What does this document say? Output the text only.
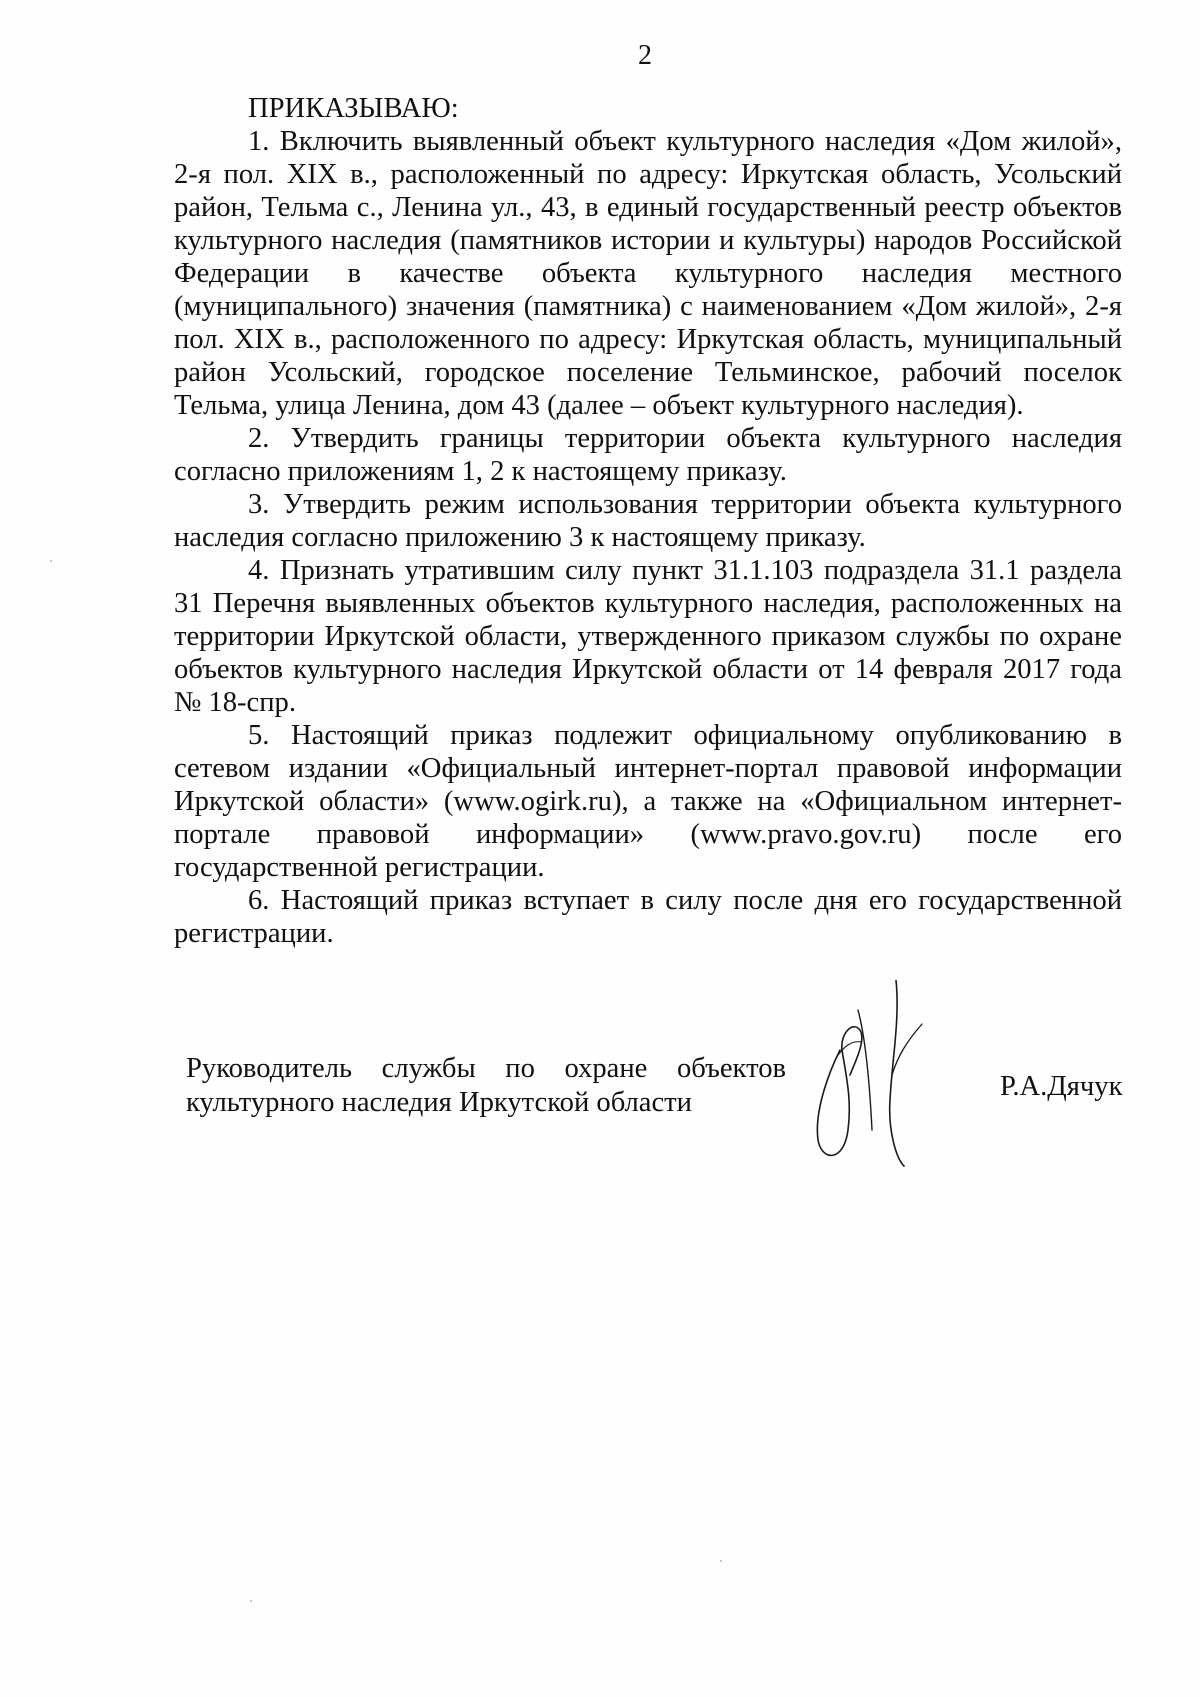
2

ПРИКАЗЫВАЮ:

1. Включить выявленный объект культурного наследия «Дом жилой», 2-я пол. XIX в., расположенный по адресу: Иркутская область, Усольский район, Тельма с., Ленина ул., 43, в единый государственный реестр объектов культурного наследия (памятников истории и культуры) народов Российской Федерации в качестве объекта культурного наследия местного (муниципального) значения (памятника) с наименованием «Дом жилой», 2-я пол. XIX в., расположенного по адресу: Иркутская область, муниципальный район Усольский, городское поселение Тельминское, рабочий поселок Тельма, улица Ленина, дом 43 (далее – объект культурного наследия).

2. Утвердить границы территории объекта культурного наследия согласно приложениям 1, 2 к настоящему приказу.

3. Утвердить режим использования территории объекта культурного наследия согласно приложению 3 к настоящему приказу.

4. Признать утратившим силу пункт 31.1.103 подраздела 31.1 раздела 31 Перечня выявленных объектов культурного наследия, расположенных на территории Иркутской области, утвержденного приказом службы по охране объектов культурного наследия Иркутской области от 14 февраля 2017 года № 18-спр.

5. Настоящий приказ подлежит официальному опубликованию в сетевом издании «Официальный интернет-портал правовой информации Иркутской области» (www.ogirk.ru), а также на «Официальном интернет-портале правовой информации» (www.pravo.gov.ru) после его государственной регистрации.

6. Настоящий приказ вступает в силу после дня его государственной регистрации.

Руководитель службы по охране объектов
культурного наследия Иркутской области
Р.А.Дячук
